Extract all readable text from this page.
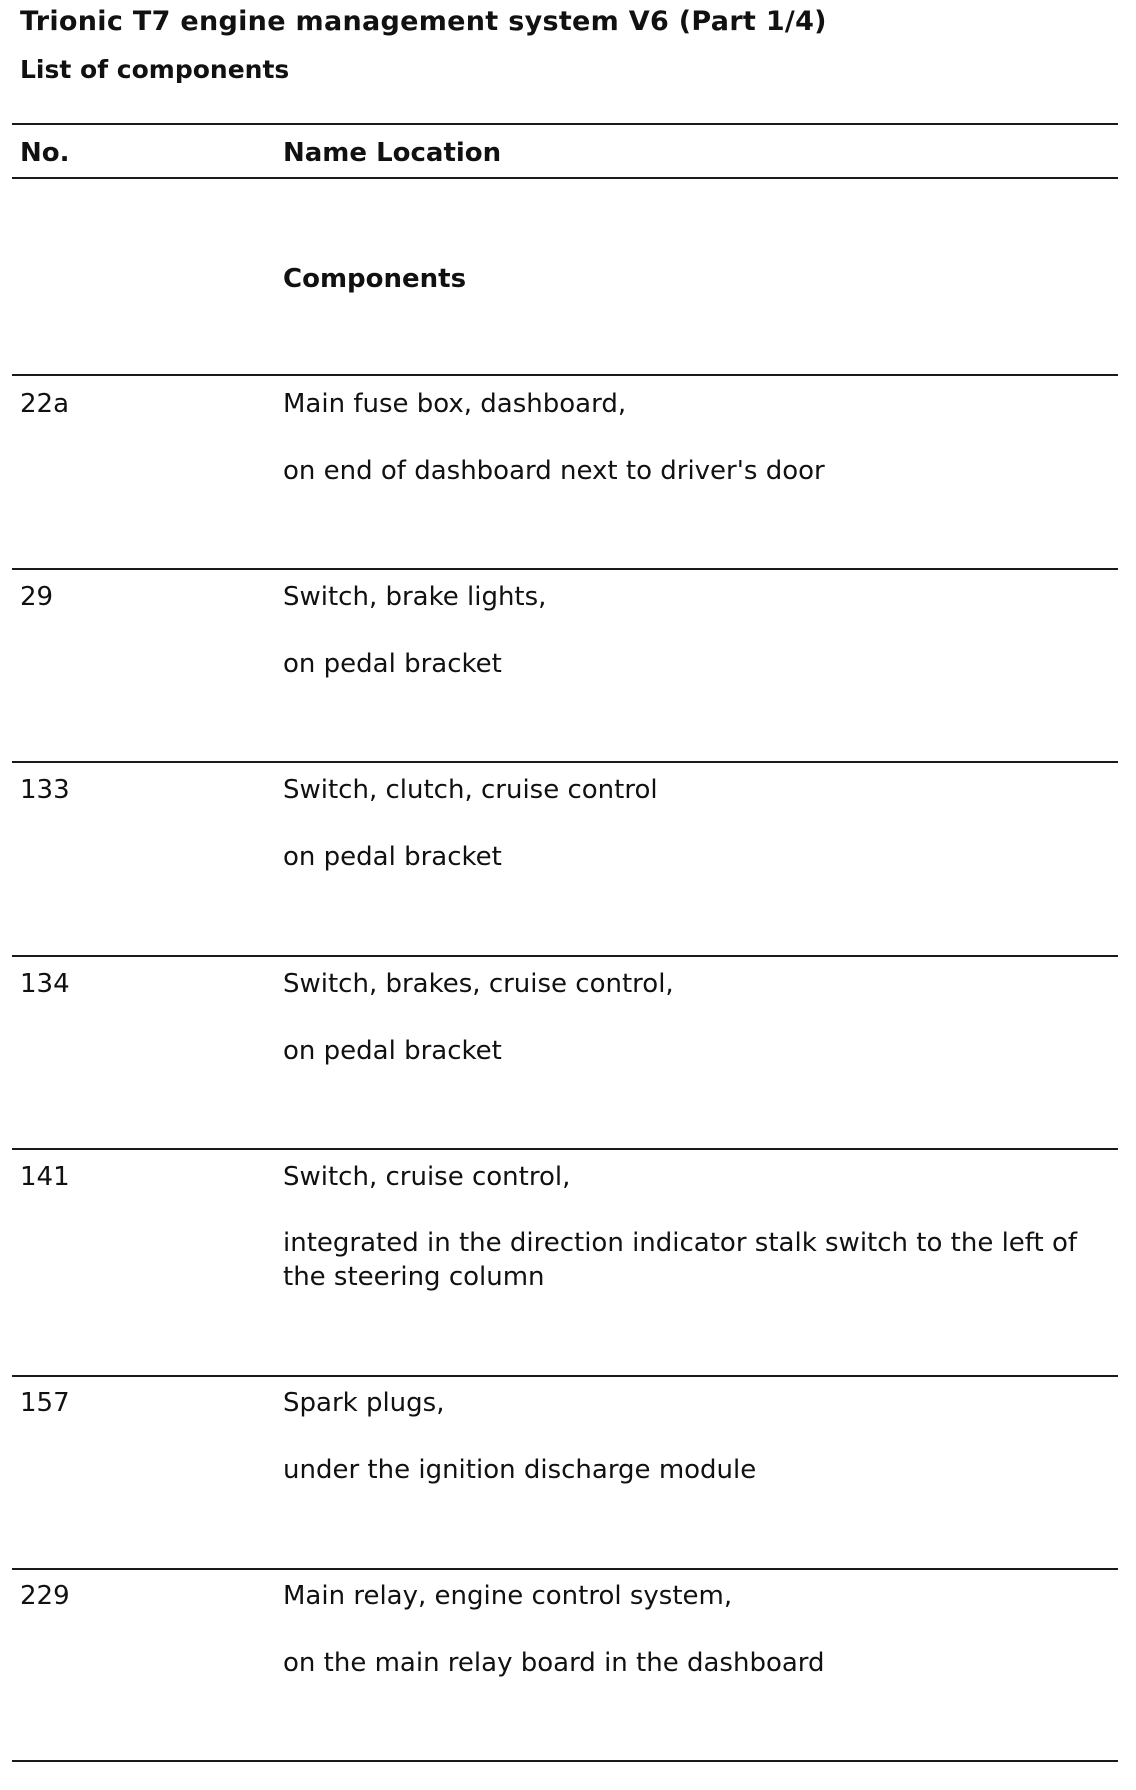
Trionic T7 engine management system V6 (Part 1/4)
List of components
No.	Name Location
Components
22a	Main fuse box, dashboard,
on end of dashboard next to driver's door
29	Switch, brake lights,
on pedal bracket
133	Switch, clutch, cruise control
on pedal bracket
134	Switch, brakes, cruise control,
on pedal bracket
141	Switch, cruise control,
integrated in the direction indicator stalk switch to the left of the steering column
157	Spark plugs,
under the ignition discharge module
229	Main relay, engine control system,
on the main relay board in the dashboard
